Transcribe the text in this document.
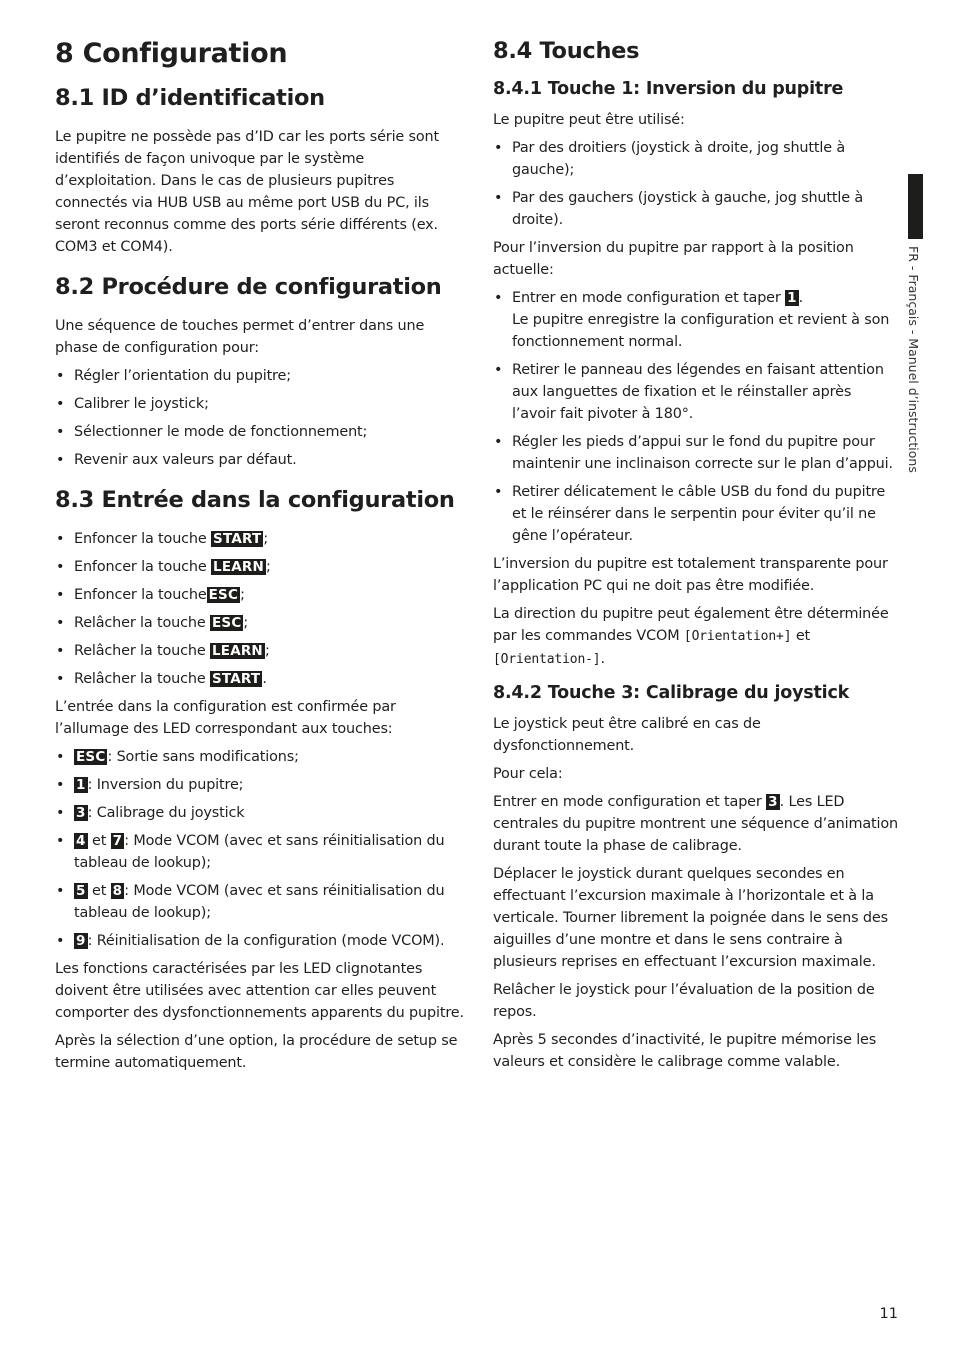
8 Configuration
8.1 ID d’identification

Le pupitre ne possède pas d’ID car les ports série sont identifiés de façon univoque par le système d’exploitation. Dans le cas de plusieurs pupitres connectés via HUB USB au même port USB du PC, ils seront reconnus comme des ports série différents (ex. COM3 et COM4).

8.2 Procédure de configuration

Une séquence de touches permet d’entrer dans une phase de configuration pour:

• Régler l’orientation du pupitre;
• Calibrer le joystick;
• Sélectionner le mode de fonctionnement;
• Revenir aux valeurs par défaut.
8.3 Entrée dans la configuration
• Enfoncer la touche START ;
• Enfoncer la touche LEARN ;
• Enfoncer la touche ESC ;
• Relâcher la touche ESC ;
• Relâcher la touche LEARN ;
• Relâcher la touche START .

L’entrée dans la configuration est confirmée par l’allumage des LED correspondant aux touches:

• ESC : Sortie sans modifications;
• 1 : Inversion du pupitre;
• 3 : Calibrage du joystick
• 4 et 7 : Mode VCOM (avec et sans réinitialisation du tableau de lookup);
• 5 et 8 : Mode VCOM (avec et sans réinitialisation du tableau de lookup);
• 9 : Réinitialisation de la configuration (mode VCOM).

Les fonctions caractérisées par les LED clignotantes doivent être utilisées avec attention car elles peuvent comporter des dysfonctionnements apparents du pupitre.

Après la sélection d’une option, la procédure de setup se termine automatiquement.

8.4 Touches
8.4.1 Touche 1: Inversion du pupitre

Le pupitre peut être utilisé:

• Par des droitiers (joystick à droite, jog shuttle à gauche);
• Par des gauchers (joystick à gauche, jog shuttle à droite).

Pour l’inversion du pupitre par rapport à la position actuelle:

• Entrer en mode configuration et taper 1 .
Le pupitre enregistre la configuration et revient à son fonctionnement normal.
• Retirer le panneau des légendes en faisant attention aux languettes de fixation et le réinstaller après l’avoir fait pivoter à 180°.
• Régler les pieds d’appui sur le fond du pupitre pour maintenir une inclinaison correcte sur le plan d’appui.
• Retirer délicatement le câble USB du fond du pupitre et le réinsérer dans le serpentin pour éviter qu’il ne gêne l’opérateur.

L’inversion du pupitre est totalement transparente pour l’application PC qui ne doit pas être modifiée.

La direction du pupitre peut également être déterminée par les commandes VCOM [Orientation+] et [Orientation-].

8.4.2 Touche 3: Calibrage du joystick

Le joystick peut être calibré en cas de dysfonctionnement.

Pour cela:

Entrer en mode configuration et taper 3 . Les LED centrales du pupitre montrent une séquence d’animation durant toute la phase de calibrage.

Déplacer le joystick durant quelques secondes en effectuant l’excursion maximale à l’horizontale et à la verticale. Tourner librement la poignée dans le sens des aiguilles d’une montre et dans le sens contraire à plusieurs reprises en effectuant l’excursion maximale.

Relâcher le joystick pour l’évaluation de la position de repos.

Après 5 secondes d’inactivité, le pupitre mémorise les valeurs et considère le calibrage comme valable.

FR - Français - Manuel d’instructions
11
